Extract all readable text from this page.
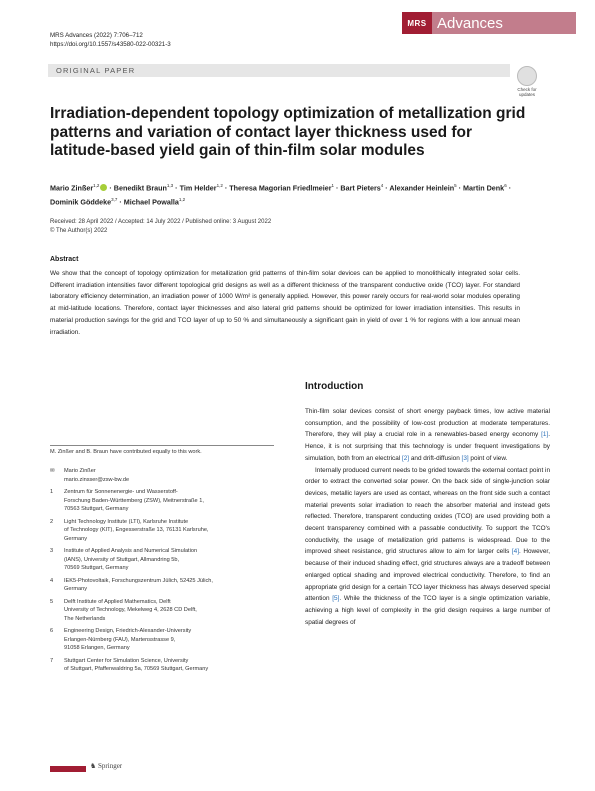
MRS Advances (2022) 7:706–712
https://doi.org/10.1557/s43580-022-00321-3
MRS Advances
ORIGINAL PAPER
Check for updates
Irradiation-dependent topology optimization of metallization grid patterns and variation of contact layer thickness used for latitude-based yield gain of thin-film solar modules
Mario Zinßer$^{1,2}$ · Benedikt Braun$^{1,3}$ · Tim Helder$^{1,2}$ · Theresa Magorian Friedlmeier$^1$ · Bart Pieters$^4$ · Alexander Heinlein$^5$ · Martin Denk$^6$ · Dominik Göddeke$^{3,7}$ · Michael Powalla$^{1,2}$
Received: 28 April 2022 / Accepted: 14 July 2022 / Published online: 3 August 2022
© The Author(s) 2022
Abstract
We show that the concept of topology optimization for metallization grid patterns of thin-film solar devices can be applied to monolithically integrated solar cells. Different irradiation intensities favor different topological grid designs as well as a different thickness of the transparent conductive oxide (TCO) layer. For standard laboratory efficiency determination, an irradiation power of 1000 W/m² is generally applied. However, this power rarely occurs for real-world solar modules operating at mid-latitude locations. Therefore, contact layer thicknesses and also lateral grid patterns should be optimized for lower irradiation intensities. This results in material production savings for the grid and TCO layer of up to 50 % and simultaneously a significant gain in yield of over 1 % for regions with a low annual mean irradiation.
Introduction

Thin-film solar devices consist of short energy payback times, low active material consumption, and the possibility of low-cost production at moderate temperatures. Therefore, they will play a crucial role in a renewables-based energy economy [1]. Hence, it is not surprising that this technology is under frequent investigations by simulation, both from an electrical [2] and drift-diffusion [3] point of view.

Internally produced current needs to be grided towards the external contact point in order to extract the converted solar power. On the back side of single-junction solar devices, metallic layers are used as contact, whereas on the front side such a contact material prevents solar irradiation to reach the absorber material and instead gets reflected. Therefore, transparent conducting oxides (TCO) are used providing both a decent transparency combined with a passable conductivity. To support the TCO's conductivity, the usage of metallization grid patterns is widespread. Due to the improved sheet resistance, grid structures allow to aim for larger cells [4]. However, because of their induced shading effect, grid structures always are a tradeoff between enlarged optical shading and improved electrical conductivity. Therefore, to find an appropriate grid design for a certain TCO layer thickness has always deserved special attention [5]. While the thickness of the TCO layer is a single optimization variable, achieving a high level of complexity in the grid design requires a large number of spatial degrees of

M. Zinßer and B. Braun have contributed equally to this work.
✉	Mario Zinßer
mario.zinsser@zsw-bw.de
1	Zentrum für Sonnenenergie- und Wasserstoff-
Forschung Baden-Württemberg (ZSW), Meitnerstraße 1,
70563 Stuttgart, Germany
2	Light Technology Institute (LTI), Karlsruhe Institute
of Technology (KIT), Engesserstraße 13, 76131 Karlsruhe,
Germany
3	Institute of Applied Analysis and Numerical Simulation
(IANS), University of Stuttgart, Allmandring 5b,
70569 Stuttgart, Germany
4	IEK5-Photovoltaik, Forschungszentrum Jülich, 52425 Jülich,
Germany
5	Delft Institute of Applied Mathematics, Delft
University of Technology, Mekelweg 4, 2628 CD Delft,
The Netherlands
6	Engineering Design, Friedrich-Alexander-University
Erlangen-Nürnberg (FAU), Martensstrasse 9,
91058 Erlangen, Germany
7	Stuttgart Center for Simulation Science, University
of Stuttgart, Pfaffenwaldring 5a, 70569 Stuttgart, Germany
♞ Springer
